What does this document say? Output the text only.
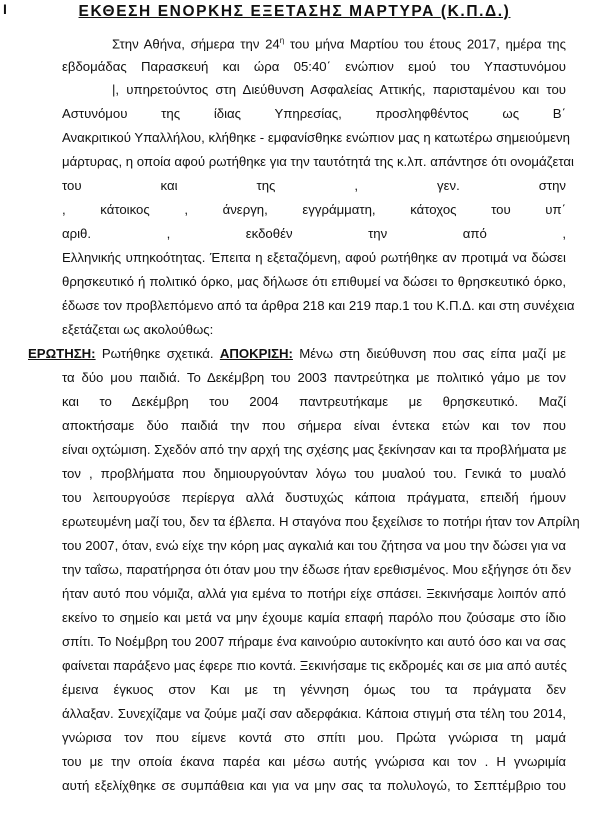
I	ΕΚΘΕΣΗ ΕΝΟΡΚΗΣ ΕΞΕΤΑΣΗΣ ΜΑΡΤΥΡΑ (Κ.Π.Δ.)
Στην Αθήνα, σήμερα την $24^\eta$ του μήνα Μαρτίου του έτους 2017, ημέρα της
εβδομάδας Παρασκευή και ώρα 05:40΄ ενώπιον εμού του Υπαστυνόμου
|, υπηρετούντος στη Διεύθυνση Ασφαλείας Αττικής, παρισταμένου και του
Αστυνόμου της ίδιας Υπηρεσίας, προσληφθέντος ως Β΄
Ανακριτικού Υπαλλήλου, κλήθηκε - εμφανίσθηκε ενώπιον μας η κατωτέρω σημειούμενη
μάρτυρας, η οποία αφού ρωτήθηκε για την ταυτότητά της κ.λπ. απάντησε ότι ονομάζεται
του και της , γεν. στην
, κάτοικος , άνεργη, εγγράμματη, κάτοχος του υπ΄
αριθ. , εκδοθέν την από ,
Ελληνικής υπηκοότητας. Έπειτα η εξεταζόμενη, αφού ρωτήθηκε αν προτιμά να δώσει
θρησκευτικό ή πολιτικό όρκο, μας δήλωσε ότι επιθυμεί να δώσει το θρησκευτικό όρκο,
έδωσε τον προβλεπόμενο από τα άρθρα 218 και 219 παρ.1 του Κ.Π.Δ. και στη συνέχεια
εξετάζεται ως ακολούθως:
ΕΡΩΤΗΣΗ: Ρωτήθηκε σχετικά. ΑΠΟΚΡΙΣΗ: Μένω στη διεύθυνση που σας είπα μαζί με
τα δύο μου παιδιά. Το Δεκέμβρη του 2003 παντρεύτηκα με πολιτικό γάμο με τον
και το Δεκέμβρη του 2004 παντρευτήκαμε με θρησκευτικό. Μαζί
αποκτήσαμε δύο παιδιά την που σήμερα είναι έντεκα ετών και τον που
είναι οχτώμιση. Σχεδόν από την αρχή της σχέσης μας ξεκίνησαν και τα προβλήματα με
τον , προβλήματα που δημιουργούνταν λόγω του μυαλού του. Γενικά το μυαλό
του λειτουργούσε περίεργα αλλά δυστυχώς κάποια πράγματα, επειδή ήμουν
ερωτευμένη μαζί του, δεν τα έβλεπα. Η σταγόνα που ξεχείλισε το ποτήρι ήταν τον Απρίλη
του 2007, όταν, ενώ είχε την κόρη μας αγκαλιά και του ζήτησα να μου την δώσει για να
την ταΐσω, παρατήρησα ότι όταν μου την έδωσε ήταν ερεθισμένος. Μου εξήγησε ότι δεν
ήταν αυτό που νόμιζα, αλλά για εμένα το ποτήρι είχε σπάσει. Ξεκινήσαμε λοιπόν από
εκείνο το σημείο και μετά να μην έχουμε καμία επαφή παρόλο που ζούσαμε στο ίδιο
σπίτι. Το Νοέμβρη του 2007 πήραμε ένα καινούριο αυτοκίνητο και αυτό όσο και να σας
φαίνεται παράξενο μας έφερε πιο κοντά. Ξεκινήσαμε τις εκδρομές και σε μια από αυτές
έμεινα έγκυος στον Και με τη γέννηση όμως του τα πράγματα δεν
άλλαξαν. Συνεχίζαμε να ζούμε μαζί σαν αδερφάκια. Κάποια στιγμή στα τέλη του 2014,
γνώρισα τον που είμενε κοντά στο σπίτι μου. Πρώτα γνώρισα τη μαμά
του με την οποία έκανα παρέα και μέσω αυτής γνώρισα και τον . Η γνωριμία
αυτή εξελίχθηκε σε συμπάθεια και για να μην σας τα πολυλογώ, το Σεπτέμβριο του
